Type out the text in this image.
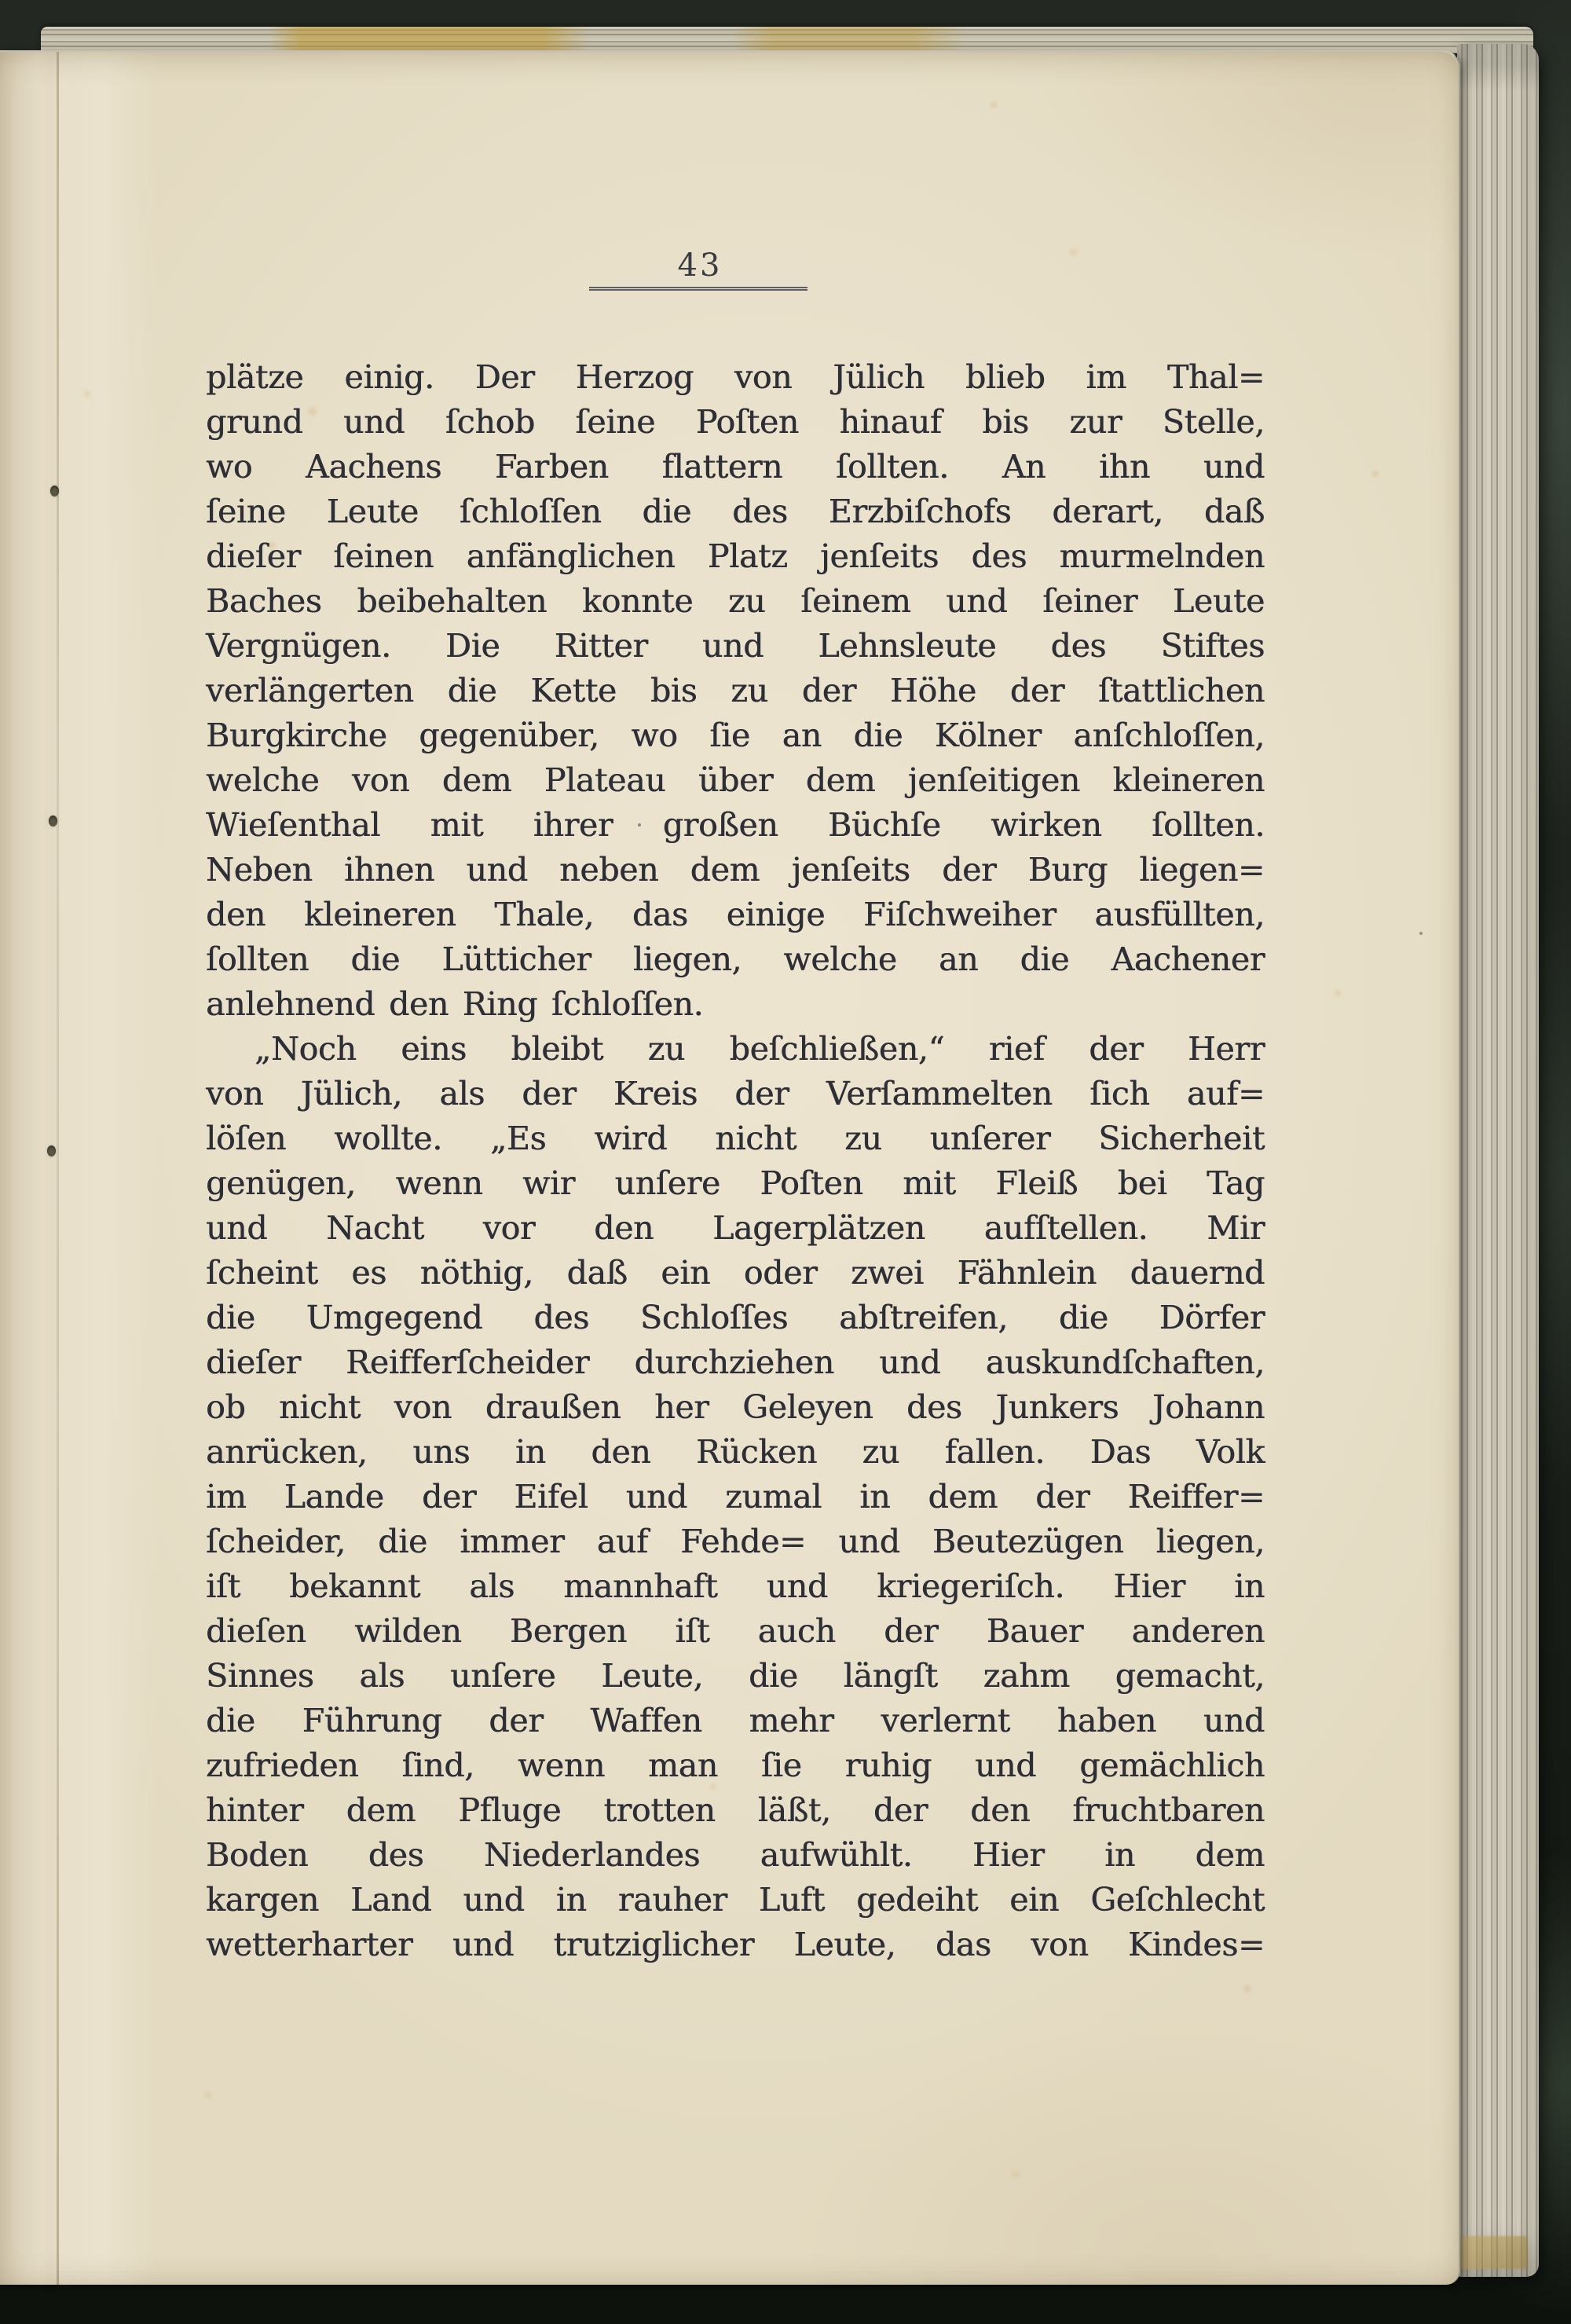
43
plätze einig. Der Herzog von Jülich blieb im Thal=
grund und ſchob ſeine Poſten hinauf bis zur Stelle,
wo Aachens Farben flattern ſollten. An ihn und
ſeine Leute ſchloſſen die des Erzbiſchofs derart, daß
dieſer ſeinen anfänglichen Platz jenſeits des murmelnden
Baches beibehalten konnte zu ſeinem und ſeiner Leute
Vergnügen. Die Ritter und Lehnsleute des Stiftes
verlängerten die Kette bis zu der Höhe der ſtattlichen
Burgkirche gegenüber, wo ſie an die Kölner anſchloſſen,
welche von dem Plateau über dem jenſeitigen kleineren
Wieſenthal mit ihrer großen Büchſe wirken ſollten.
Neben ihnen und neben dem jenſeits der Burg liegen=
den kleineren Thale, das einige Fiſchweiher ausfüllten,
ſollten die Lütticher liegen, welche an die Aachener
anlehnend den Ring ſchloſſen.
„Noch eins bleibt zu beſchließen,“ rief der Herr
von Jülich, als der Kreis der Verſammelten ſich auf=
löſen wollte. „Es wird nicht zu unſerer Sicherheit
genügen, wenn wir unſere Poſten mit Fleiß bei Tag
und Nacht vor den Lagerplätzen aufſtellen. Mir
ſcheint es nöthig, daß ein oder zwei Fähnlein dauernd
die Umgegend des Schloſſes abſtreifen, die Dörfer
dieſer Reifferſcheider durchziehen und auskundſchaften,
ob nicht von draußen her Geleyen des Junkers Johann
anrücken, uns in den Rücken zu fallen. Das Volk
im Lande der Eifel und zumal in dem der Reiffer=
ſcheider, die immer auf Fehde= und Beutezügen liegen,
iſt bekannt als mannhaft und kriegeriſch. Hier in
dieſen wilden Bergen iſt auch der Bauer anderen
Sinnes als unſere Leute, die längſt zahm gemacht,
die Führung der Waffen mehr verlernt haben und
zufrieden ſind, wenn man ſie ruhig und gemächlich
hinter dem Pfluge trotten läßt, der den fruchtbaren
Boden des Niederlandes aufwühlt. Hier in dem
kargen Land und in rauher Luft gedeiht ein Geſchlecht
wetterharter und trutziglicher Leute, das von Kindes=
